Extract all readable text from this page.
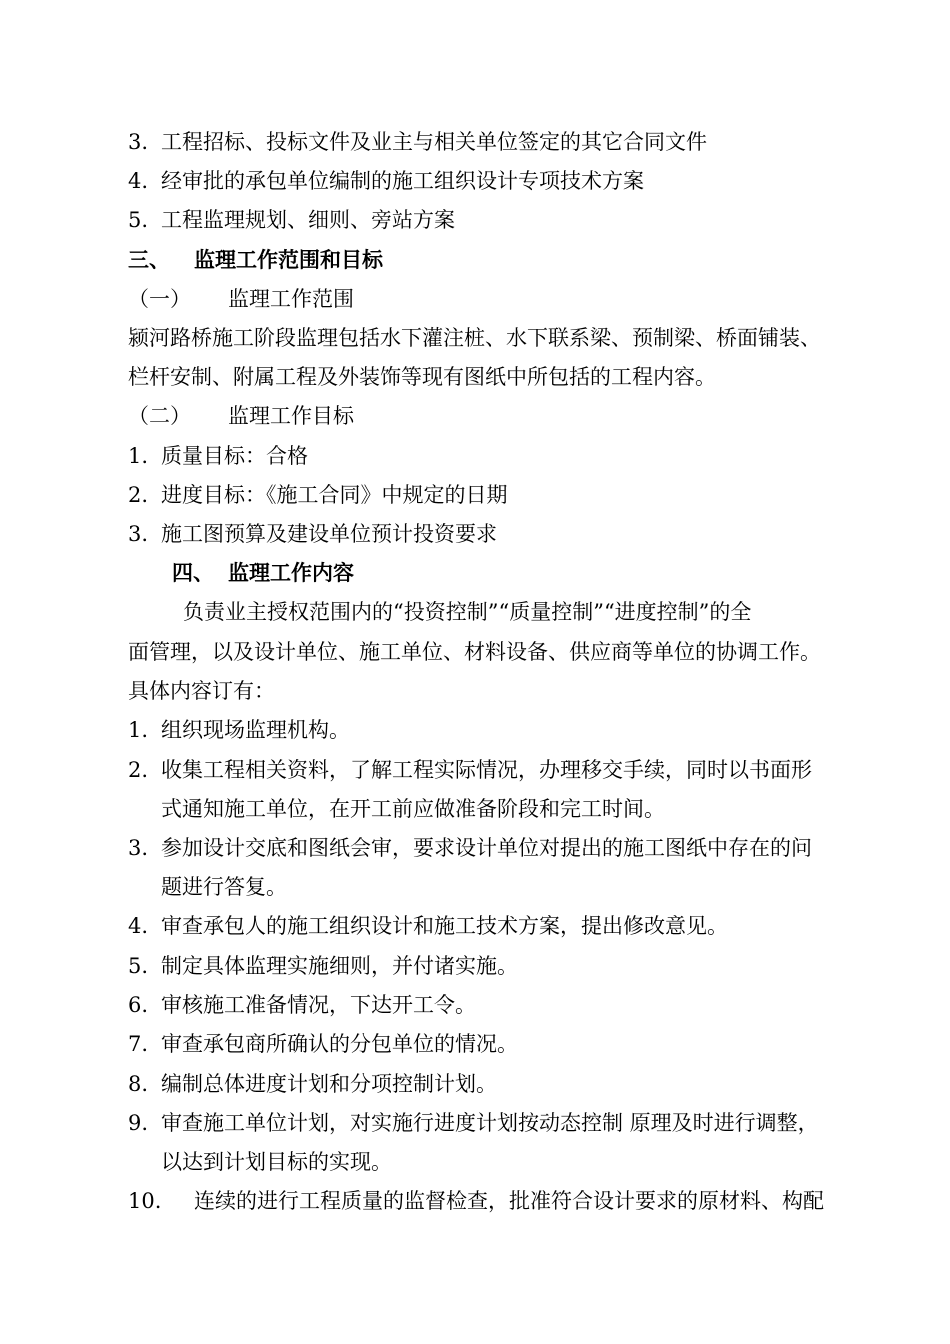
3. 工程招标、投标文件及业主与相关单位签定的其它合同文件
4. 经审批的承包单位编制的施工组织设计专项技术方案
5. 工程监理规划、细则、旁站方案
三、 监理工作范围和目标
（一） 监理工作范围
颍河路桥施工阶段监理包括水下灌注桩、水下联系梁、预制梁、桥面铺装、
栏杆安制、附属工程及外装饰等现有图纸中所包括的工程内容。
（二） 监理工作目标
1. 质量目标：合格
2. 进度目标：《施工合同》中规定的日期
3. 施工图预算及建设单位预计投资要求
四、 监理工作内容
负责业主授权范围内的“投资控制”“质量控制”“进度控制”的全
面管理，以及设计单位、施工单位、材料设备、供应商等单位的协调工作。
具体内容订有：
1. 组织现场监理机构。
2. 收集工程相关资料，了解工程实际情况，办理移交手续，同时以书面形
式通知施工单位，在开工前应做准备阶段和完工时间。
3. 参加设计交底和图纸会审，要求设计单位对提出的施工图纸中存在的问
题进行答复。
4. 审查承包人的施工组织设计和施工技术方案，提出修改意见。
5. 制定具体监理实施细则，并付诸实施。
6. 审核施工准备情况，下达开工令。
7. 审查承包商所确认的分包单位的情况。
8. 编制总体进度计划和分项控制计划。
9. 审查施工单位计划，对实施行进度计划按动态控制 原理及时进行调整，
以达到计划目标的实现。
10. 连续的进行工程质量的监督检查，批准符合设计要求的原材料、构配
